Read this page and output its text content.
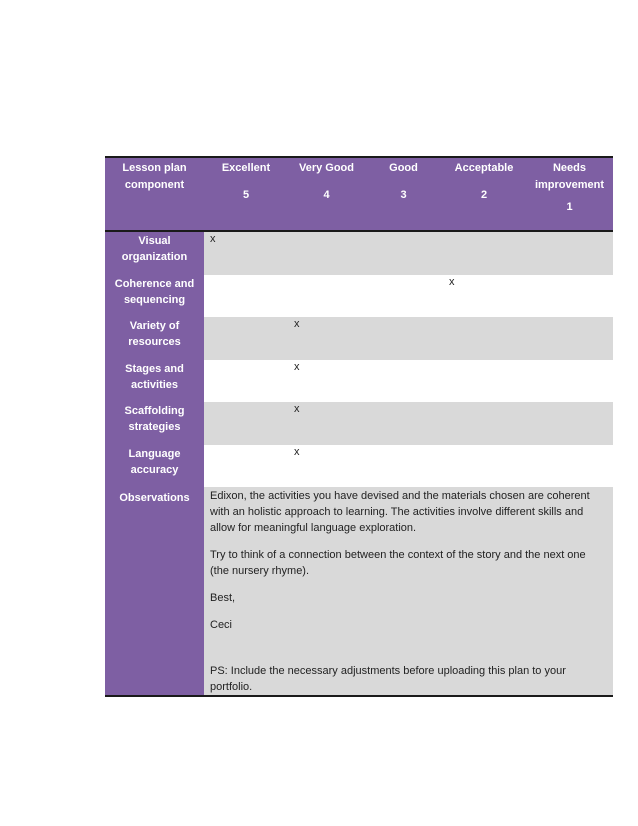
Lesson plan component
Excellent
5
Very Good
4
Good
3
Acceptable
2
Needs improvement
1
Visual organization
x
Coherence and sequencing
x
Variety of resources
x
Stages and activities
x
Scaffolding strategies
x
Language accuracy
x
Observations	Edixon, the activities you have devised and the materials chosen are coherent with an holistic approach to learning. The activities involve different skills and allow for meaningful language exploration.

Try to think of a connection between the context of the story and the next one (the nursery rhyme).

Best,

Ceci

PS: Include the necessary adjustments before uploading this plan to your portfolio.
